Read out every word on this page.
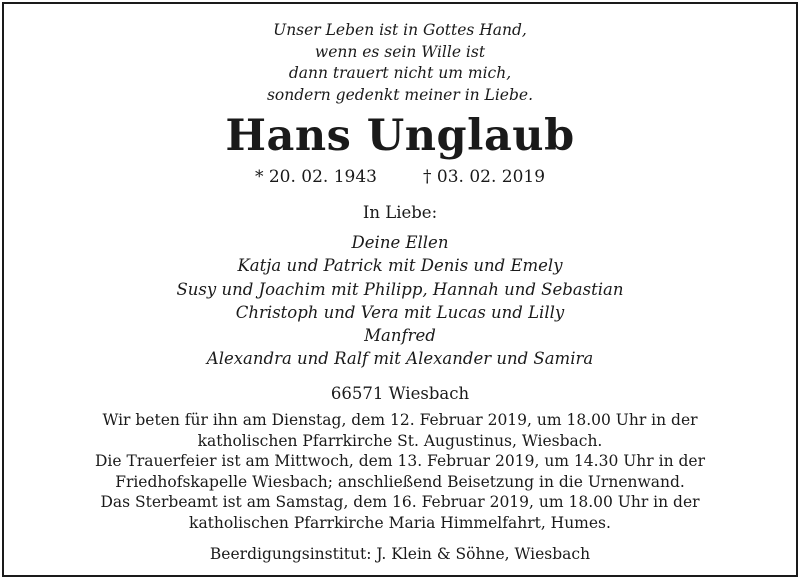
Unser Leben ist in Gottes Hand,
wenn es sein Wille ist
dann trauert nicht um mich,
sondern gedenkt meiner in Liebe.
Hans Unglaub
* 20. 02. 1943	† 03. 02. 2019
In Liebe:
Deine Ellen
Katja und Patrick mit Denis und Emely
Susy und Joachim mit Philipp, Hannah und Sebastian
Christoph und Vera mit Lucas und Lilly
Manfred
Alexandra und Ralf mit Alexander und Samira
66571 Wiesbach
Wir beten für ihn am Dienstag, dem 12. Februar 2019, um 18.00 Uhr in der
katholischen Pfarrkirche St. Augustinus, Wiesbach.
Die Trauerfeier ist am Mittwoch, dem 13. Februar 2019, um 14.30 Uhr in der
Friedhofskapelle Wiesbach; anschließend Beisetzung in die Urnenwand.
Das Sterbeamt ist am Samstag, dem 16. Februar 2019, um 18.00 Uhr in der
katholischen Pfarrkirche Maria Himmelfahrt, Humes.
Beerdigungsinstitut: J. Klein & Söhne, Wiesbach
